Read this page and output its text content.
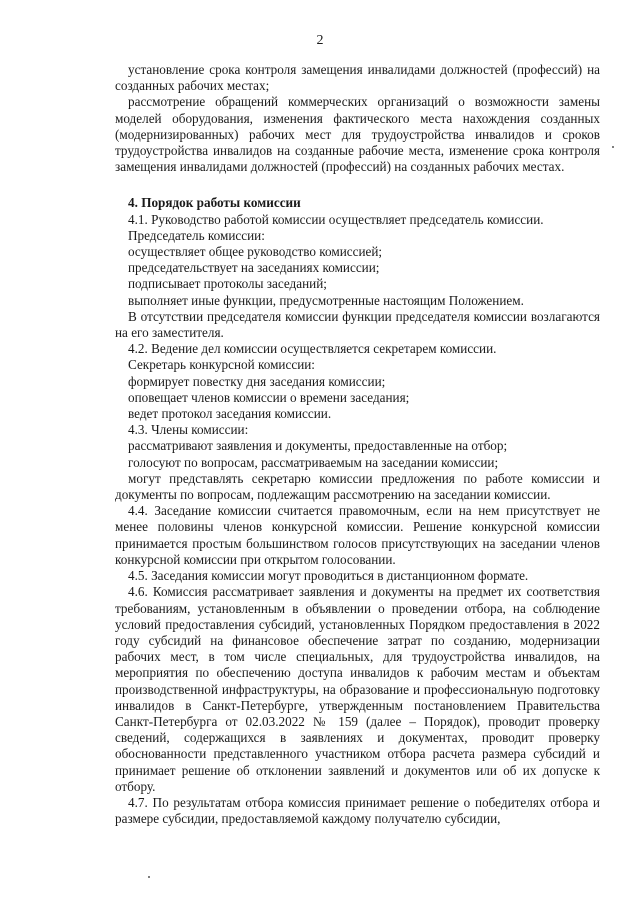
2

установление срока контроля замещения инвалидами должностей (профессий) на созданных рабочих местах;

рассмотрение обращений коммерческих организаций о возможности замены моделей оборудования, изменения фактического места нахождения созданных (модернизированных) рабочих мест для трудоустройства инвалидов и сроков трудоустройства инвалидов на созданные рабочие места, изменение срока контроля замещения инвалидами должностей (профессий) на созданных рабочих местах.

4. Порядок работы комиссии

4.1. Руководство работой комиссии осуществляет председатель комиссии.

Председатель комиссии:

осуществляет общее руководство комиссией;

председательствует на заседаниях комиссии;

подписывает протоколы заседаний;

выполняет иные функции, предусмотренные настоящим Положением.

В отсутствии председателя комиссии функции председателя комиссии возлагаются на его заместителя.

4.2. Ведение дел комиссии осуществляется секретарем комиссии.

Секретарь конкурсной комиссии:

формирует повестку дня заседания комиссии;

оповещает членов комиссии о времени заседания;

ведет протокол заседания комиссии.

4.3. Члены комиссии:

рассматривают заявления и документы, предоставленные на отбор;

голосуют по вопросам, рассматриваемым на заседании комиссии;

могут представлять секретарю комиссии предложения по работе комиссии и документы по вопросам, подлежащим рассмотрению на заседании комиссии.

4.4. Заседание комиссии считается правомочным, если на нем присутствует не менее половины членов конкурсной комиссии. Решение конкурсной комиссии принимается простым большинством голосов присутствующих на заседании членов конкурсной комиссии при открытом голосовании.

4.5. Заседания комиссии могут проводиться в дистанционном формате.

4.6. Комиссия рассматривает заявления и документы на предмет их соответствия требованиям, установленным в объявлении о проведении отбора, на соблюдение условий предоставления субсидий, установленных Порядком предоставления в 2022 году субсидий на финансовое обеспечение затрат по созданию, модернизации рабочих мест, в том числе специальных, для трудоустройства инвалидов, на мероприятия по обеспечению доступа инвалидов к рабочим местам и объектам производственной инфраструктуры, на образование и профессиональную подготовку инвалидов в Санкт-Петербурге, утвержденным постановлением Правительства Санкт-Петербурга от 02.03.2022 № 159 (далее – Порядок), проводит проверку сведений, содержащихся в заявлениях и документах, проводит проверку обоснованности представленного участником отбора расчета размера субсидий и принимает решение об отклонении заявлений и документов или об их допуске к отбору.

4.7. По результатам отбора комиссия принимает решение о победителях отбора и размере субсидии, предоставляемой каждому получателю субсидии,
